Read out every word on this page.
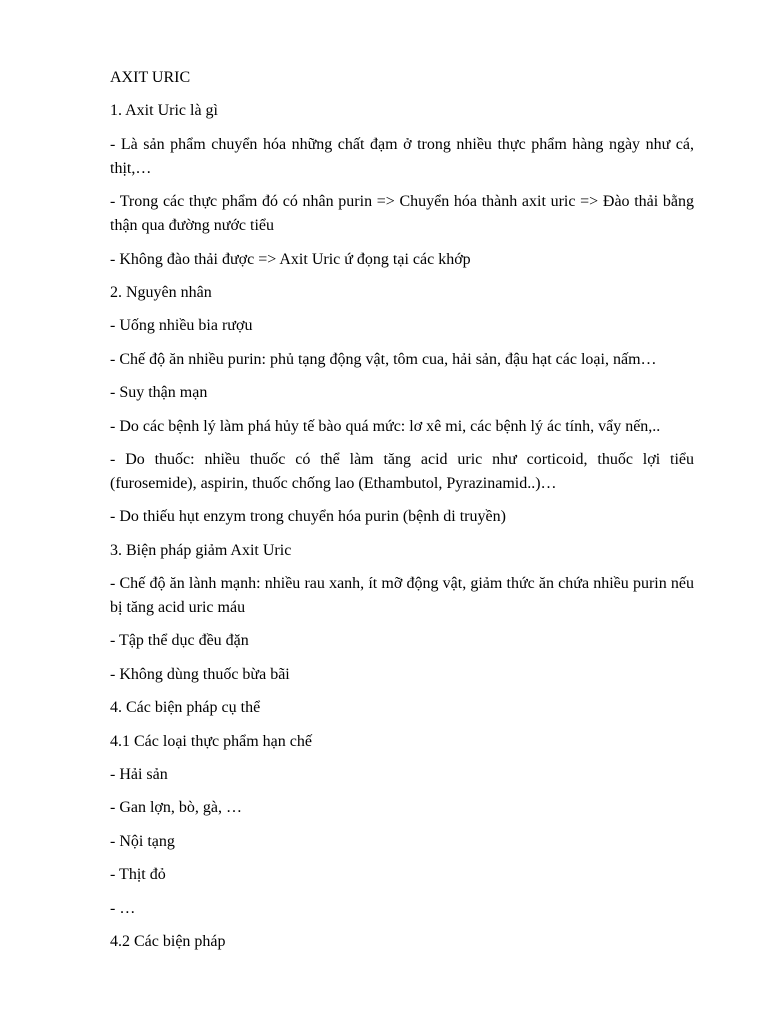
AXIT URIC

1. Axit Uric là gì

- Là sản phẩm chuyển hóa những chất đạm ở trong nhiều thực phẩm hàng ngày như cá, thịt,…

- Trong các thực phẩm đó có nhân purin => Chuyển hóa thành axit uric => Đào thải bằng thận qua đường nước tiểu

- Không đào thải được => Axit Uric ứ đọng tại các khớp

2. Nguyên nhân

- Uống nhiều bia rượu

- Chế độ ăn nhiều purin: phủ tạng động vật, tôm cua, hải sản, đậu hạt các loại, nấm…

- Suy thận mạn

- Do các bệnh lý làm phá hủy tế bào quá mức: lơ xê mi, các bệnh lý ác tính, vẩy nến,..

- Do thuốc: nhiều thuốc có thể làm tăng acid uric như corticoid, thuốc lợi tiểu (furosemide), aspirin, thuốc chống lao (Ethambutol, Pyrazinamid..)…

- Do thiếu hụt enzym trong chuyển hóa purin (bệnh di truyền)

3. Biện pháp giảm Axit Uric

- Chế độ ăn lành mạnh: nhiều rau xanh, ít mỡ động vật, giảm thức ăn chứa nhiều purin nếu bị tăng acid uric máu

- Tập thể dục đều đặn

- Không dùng thuốc bừa bãi

4. Các biện pháp cụ thể

4.1 Các loại thực phẩm hạn chế

- Hải sản

- Gan lợn, bò, gà, …

- Nội tạng

- Thịt đỏ

- …

4.2 Các biện pháp
